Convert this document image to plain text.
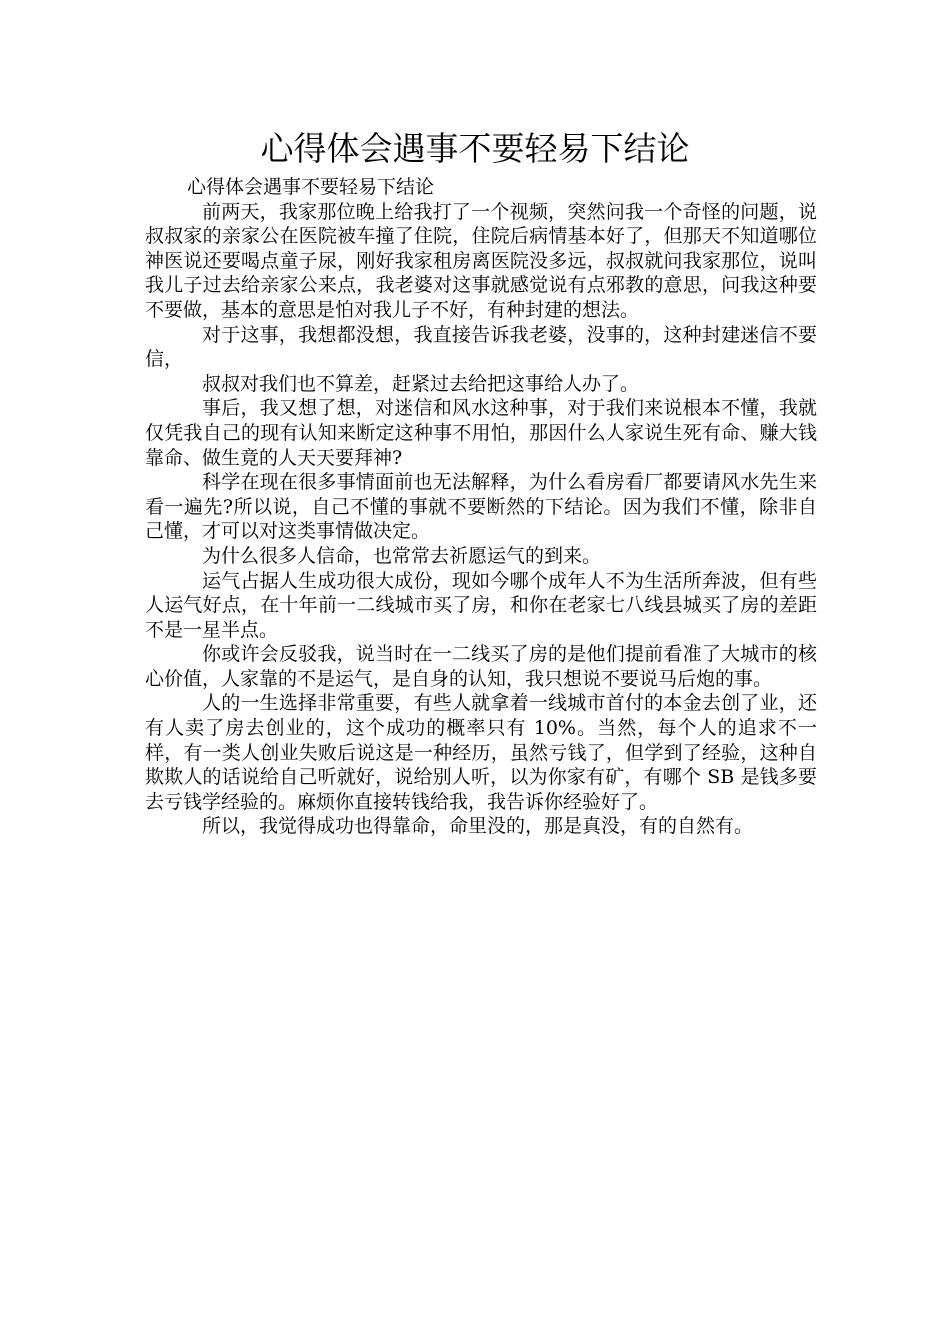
心得体会遇事不要轻易下结论

心得体会遇事不要轻易下结论

前两天，我家那位晚上给我打了一个视频，突然问我一个奇怪的问题，说叔叔家的亲家公在医院被车撞了住院，住院后病情基本好了，但那天不知道哪位神医说还要喝点童子尿，刚好我家租房离医院没多远，叔叔就问我家那位，说叫我儿子过去给亲家公来点，我老婆对这事就感觉说有点邪教的意思，问我这种要不要做，基本的意思是怕对我儿子不好，有种封建的想法。

对于这事，我想都没想，我直接告诉我老婆，没事的，这种封建迷信不要信，

叔叔对我们也不算差，赶紧过去给把这事给人办了。

事后，我又想了想，对迷信和风水这种事，对于我们来说根本不懂，我就仅凭我自己的现有认知来断定这种事不用怕，那因什么人家说生死有命、赚大钱靠命、做生竟的人天天要拜神?

科学在现在很多事情面前也无法解释，为什么看房看厂都要请风水先生来看一遍先?所以说，自己不懂的事就不要断然的下结论。因为我们不懂，除非自己懂，才可以对这类事情做决定。

为什么很多人信命，也常常去祈愿运气的到来。

运气占据人生成功很大成份，现如今哪个成年人不为生活所奔波，但有些人运气好点，在十年前一二线城市买了房，和你在老家七八线县城买了房的差距不是一星半点。

你或许会反驳我，说当时在一二线买了房的是他们提前看准了大城市的核心价值，人家靠的不是运气，是自身的认知，我只想说不要说马后炮的事。

人的一生选择非常重要，有些人就拿着一线城市首付的本金去创了业，还有人卖了房去创业的，这个成功的概率只有 10%。当然，每个人的追求不一样，有一类人创业失败后说这是一种经历，虽然亏钱了，但学到了经验，这种自欺欺人的话说给自己听就好，说给别人听，以为你家有矿，有哪个 SB 是钱多要去亏钱学经验的。麻烦你直接转钱给我，我告诉你经验好了。

所以，我觉得成功也得靠命，命里没的，那是真没，有的自然有。
